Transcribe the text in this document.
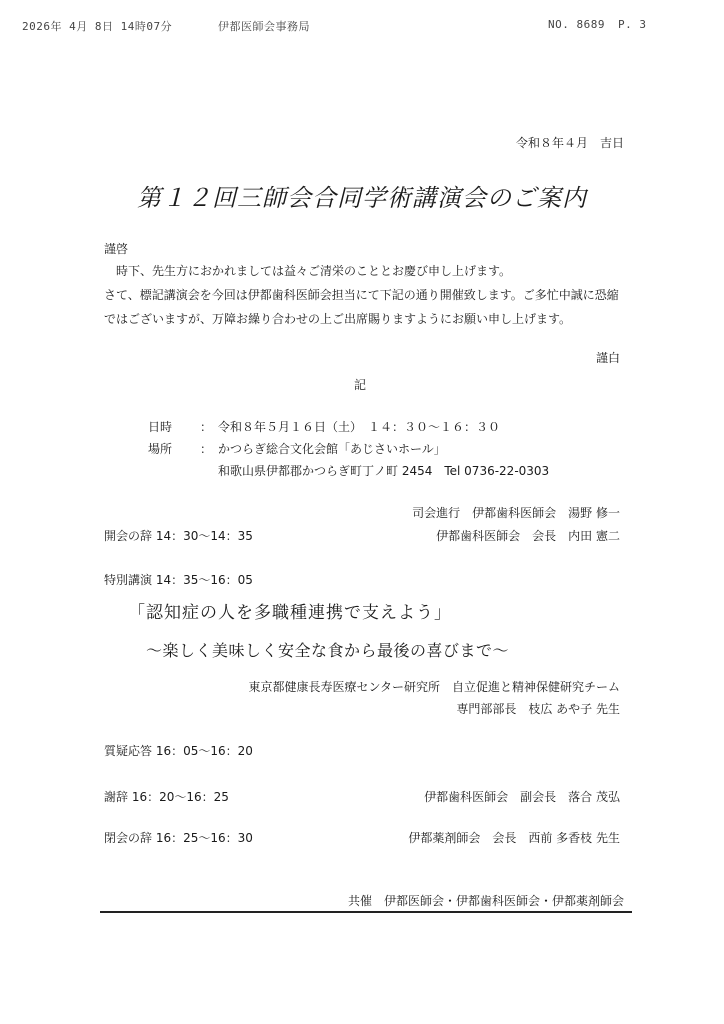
2026年 4月 8日 14時07分	伊都医師会事務局	NO. 8689 P. 3
令和８年４月　吉日
第１２回三師会合同学術講演会のご案内
謹啓

　時下、先生方におかれましては益々ご清栄のこととお慶び申し上げます。

さて、標記講演会を今回は伊都歯科医師会担当にて下記の通り開催致します。ご多忙中誠に恐縮ではございますが、万障お繰り合わせの上ご出席賜りますようにお願い申し上げます。

謹白
記
日時 ： 令和８年５月１６日（土）　１４：３０〜１６：３０
場所 ： かつらぎ総合文化会館「あじさいホール」
和歌山県伊都郡かつらぎ町丁ノ町 2454　Tel 0736-22-0303
司会進行　伊都歯科医師会　湯野 修一
開会の辞 14：30〜14：35	伊都歯科医師会　会長　内田 憲二
特別講演 14：35〜16：05
「認知症の人を多職種連携で支えよう」
〜楽しく美味しく安全な食から最後の喜びまで〜
東京都健康長寿医療センター研究所　自立促進と精神保健研究チーム
専門部部長　枝広 あや子 先生
質疑応答 16：05〜16：20
謝辞 16：20〜16：25	伊都歯科医師会　副会長　落合 茂弘
閉会の辞 16：25〜16：30	伊都薬剤師会　会長　西前 多香枝 先生
共催　伊都医師会・伊都歯科医師会・伊都薬剤師会
